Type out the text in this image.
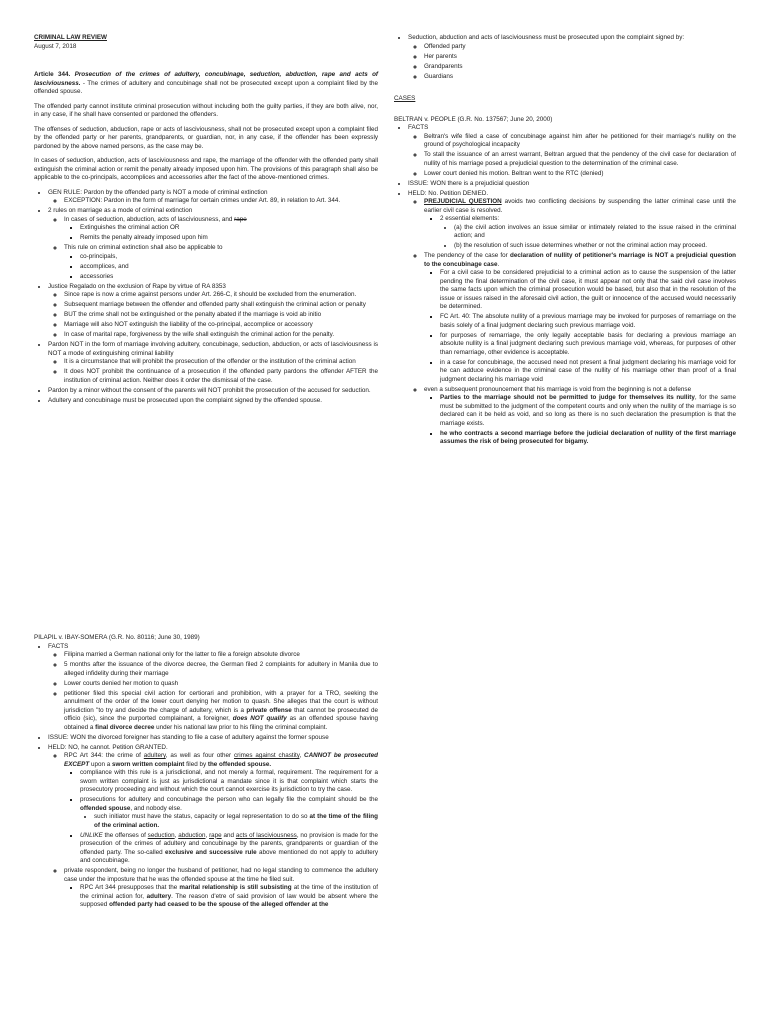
CRIMINAL LAW REVIEW
August 7, 2018

Article 344. Prosecution of the crimes of adultery, concubinage, seduction, abduction, rape and acts of lasciviousness. - The crimes of adultery and concubinage shall not be prosecuted except upon a complaint filed by the offended spouse.

The offended party cannot institute criminal prosecution without including both the guilty parties, if they are both alive, nor, in any case, if he shall have consented or pardoned the offenders.

The offenses of seduction, abduction, rape or acts of lasciviousness, shall not be prosecuted except upon a complaint filed by the offended party or her parents, grandparents, or guardian, nor, in any case, if the offender has been expressly pardoned by the above named persons, as the case may be.

In cases of seduction, abduction, acts of lasciviousness and rape, the marriage of the offender with the offended party shall extinguish the criminal action or remit the penalty already imposed upon him. The provisions of this paragraph shall also be applicable to the co-principals, accomplices and accessories after the fact of the above-mentioned crimes.

• GEN RULE: Pardon by the offended party is NOT a mode of criminal extinction
◦ EXCEPTION: Pardon in the form of marriage for certain crimes under Art. 89, in relation to Art. 344.
• 2 rules on marriage as a mode of criminal extinction
◦ In cases of seduction, abduction, acts of lasciviousness, and rape
▪ Extinguishes the criminal action OR
▪ Remits the penalty already imposed upon him
◦ This rule on criminal extinction shall also be applicable to
▪ co-principals,
▪ accomplices, and
▪ accessories
• Justice Regalado on the exclusion of Rape by virtue of RA 8353
◦ Since rape is now a crime against persons under Art. 266-C, it should be excluded from the enumeration.
◦ Subsequent marriage between the offender and offended party shall extinguish the criminal action or penalty
◦ BUT the crime shall not be extinguished or the penalty abated if the marriage is void ab initio
◦ Marriage will also NOT extinguish the liability of the co-principal, accomplice or accessory
◦ In case of marital rape, forgiveness by the wife shall extinguish the criminal action for the penalty.
• Pardon NOT in the form of marriage involving adultery, concubinage, seduction, abduction, or acts of lasciviousness is NOT a mode of extinguishing criminal liability
◦ It is a circumstance that will prohibit the prosecution of the offender or the institution of the criminal action
◦ It does NOT prohibit the continuance of a prosecution if the offended party pardons the offender AFTER the institution of criminal action. Neither does it order the dismissal of the case.
• Pardon by a minor without the consent of the parents will NOT prohibit the prosecution of the accused for seduction.
• Adultery and concubinage must be prosecuted upon the complaint signed by the offended spouse.
• Seduction, abduction and acts of lasciviousness must be prosecuted upon the complaint signed by:
◦ Offended party
◦ Her parents
◦ Grandparents
◦ Guardians
CASES
BELTRAN v. PEOPLE (G.R. No. 137567; June 20, 2000)
• FACTS
◦ Beltran's wife filed a case of concubinage against him after he petitioned for their marriage's nullity on the ground of psychological incapacity
◦ To stall the issuance of an arrest warrant, Beltran argued that the pendency of the civil case for declaration of nullity of his marriage posed a prejudicial question to the determination of the criminal case.
◦ Lower court denied his motion. Beltran went to the RTC (denied)
• ISSUE: WON there is a prejudicial question
• HELD: No. Petition DENIED.
◦ PREJUDICIAL QUESTION avoids two conflicting decisions by suspending the latter criminal case until the earlier civil case is resolved.
▪ 2 essential elements:
• (a) the civil action involves an issue similar or intimately related to the issue raised in the criminal action; and
• (b) the resolution of such issue determines whether or not the criminal action may proceed.
◦ The pendency of the case for declaration of nullity of petitioner's marriage is NOT a prejudicial question to the concubinage case.
▪ For a civil case to be considered prejudicial to a criminal action as to cause the suspension of the latter pending the final determination of the civil case, it must appear not only that the said civil case involves the same facts upon which the criminal prosecution would be based, but also that in the resolution of the issue or issues raised in the aforesaid civil action, the guilt or innocence of the accused would necessarily be determined.
▪ FC Art. 40: The absolute nullity of a previous marriage may be invoked for purposes of remarriage on the basis solely of a final judgment declaring such previous marriage void.
▪ for purposes of remarriage, the only legally acceptable basis for declaring a previous marriage an absolute nullity is a final judgment declaring such previous marriage void, whereas, for purposes of other than remarriage, other evidence is acceptable.
▪ in a case for concubinage, the accused need not present a final judgment declaring his marriage void for he can adduce evidence in the criminal case of the nullity of his marriage other than proof of a final judgment declaring his marriage void
◦ even a subsequent pronouncement that his marriage is void from the beginning is not a defense
▪ Parties to the marriage should not be permitted to judge for themselves its nullity, for the same must be submitted to the judgment of the competent courts and only when the nullity of the marriage is so declared can it be held as void, and so long as there is no such declaration the presumption is that the marriage exists.
▪ he who contracts a second marriage before the judicial declaration of nullity of the first marriage assumes the risk of being prosecuted for bigamy.
PILAPIL v. IBAY-SOMERA (G.R. No. 80116; June 30, 1989)
• FACTS
◦ Filipina married a German national only for the latter to file a foreign absolute divorce
◦ 5 months after the issuance of the divorce decree, the German filed 2 complaints for adultery in Manila due to alleged infidelity during their marriage
◦ Lower courts denied her motion to quash
◦ petitioner filed this special civil action for certiorari and prohibition, with a prayer for a TRO, seeking the annulment of the order of the lower court denying her motion to quash. She alleges that the court is without jurisdiction "to try and decide the charge of adultery, which is a private offense that cannot be prosecuted de officio (sic), since the purported complainant, a foreigner, does NOT qualify as an offended spouse having obtained a final divorce decree under his national law prior to his filing the criminal complaint.
• ISSUE: WON the divorced foreigner has standing to file a case of adultery against the former spouse
• HELD: NO, he cannot. Petition GRANTED.
◦ RPC Art 344: the crime of adultery, as well as four other crimes against chastity, CANNOT be prosecuted EXCEPT upon a sworn written complaint filed by the offended spouse.
▪ compliance with this rule is a jurisdictional, and not merely a formal, requirement. The requirement for a sworn written complaint is just as jurisdictional a mandate since it is that complaint which starts the prosecutory proceeding and without which the court cannot exercise its jurisdiction to try the case.
▪ prosecutions for adultery and concubinage the person who can legally file the complaint should be the offended spouse, and nobody else.
• such initiator must have the status, capacity or legal representation to do so at the time of the filing of the criminal action.
▪ UNLIKE the offenses of seduction, abduction, rape and acts of lasciviousness, no provision is made for the prosecution of the crimes of adultery and concubinage by the parents, grandparents or guardian of the offended party. The so-called exclusive and successive rule above mentioned do not apply to adultery and concubinage.
◦ private respondent, being no longer the husband of petitioner, had no legal standing to commence the adultery case under the imposture that he was the offended spouse at the time he filed suit.
▪ RPC Art 344 presupposes that the marital relationship is still subsisting at the time of the institution of the criminal action for, adultery. The reason d'etre of said provision of law would be absent where the supposed offended party had ceased to be the spouse of the alleged offender at the
